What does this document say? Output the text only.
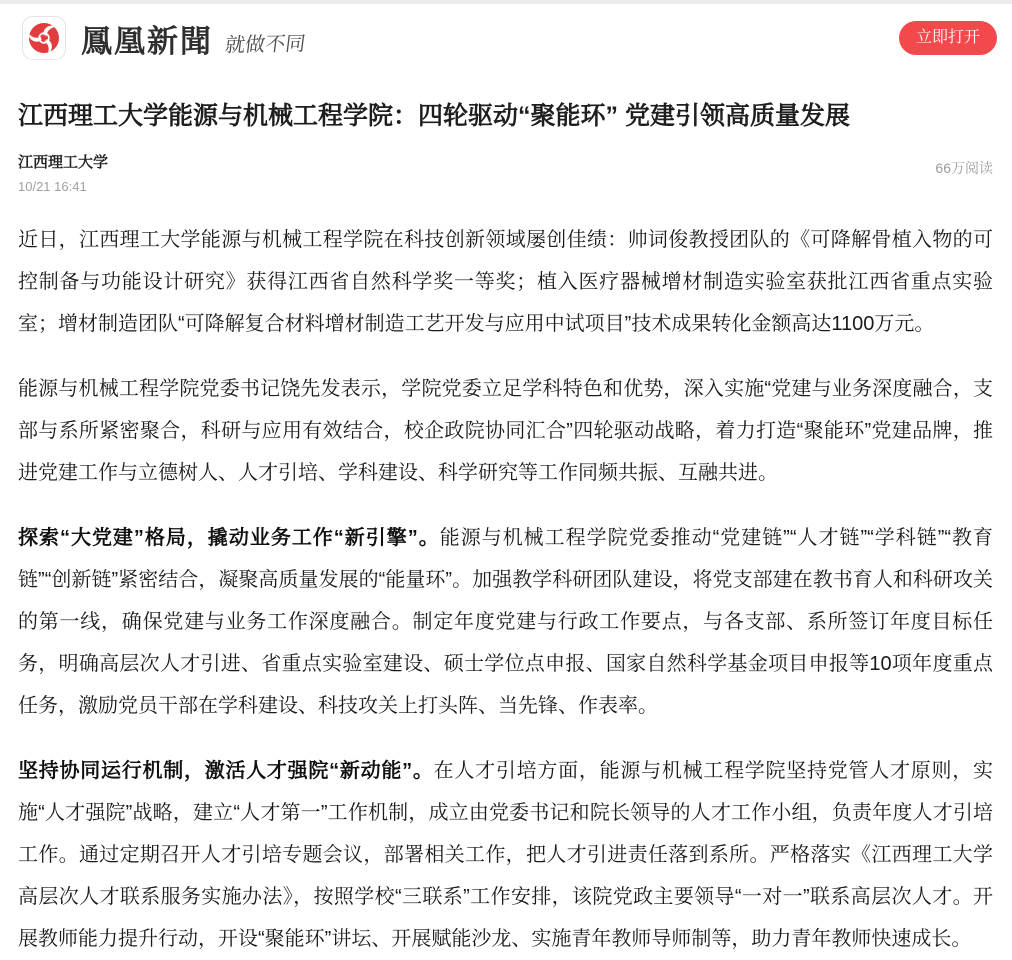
鳳凰新聞 就做不同	立即打开
江西理工大学能源与机械工程学院：四轮驱动“聚能环” 党建引领高质量发展
江西理工大学
10/21 16:41
66万阅读

近日，江西理工大学能源与机械工程学院在科技创新领域屡创佳绩：帅词俊教授团队的《可降解骨植入物的可控制备与功能设计研究》获得江西省自然科学奖一等奖；植入医疗器械增材制造实验室获批江西省重点实验室；增材制造团队“可降解复合材料增材制造工艺开发与应用中试项目”技术成果转化金额高达1100万元。

能源与机械工程学院党委书记饶先发表示，学院党委立足学科特色和优势，深入实施“党建与业务深度融合，支部与系所紧密聚合，科研与应用有效结合，校企政院协同汇合”四轮驱动战略，着力打造“聚能环”党建品牌，推进党建工作与立德树人、人才引培、学科建设、科学研究等工作同频共振、互融共进。

探索“大党建”格局，撬动业务工作“新引擎”。能源与机械工程学院党委推动“党建链”“人才链”“学科链”“教育链”“创新链”紧密结合，凝聚高质量发展的“能量环”。加强教学科研团队建设，将党支部建在教书育人和科研攻关的第一线，确保党建与业务工作深度融合。制定年度党建与行政工作要点，与各支部、系所签订年度目标任务，明确高层次人才引进、省重点实验室建设、硕士学位点申报、国家自然科学基金项目申报等10项年度重点任务，激励党员干部在学科建设、科技攻关上打头阵、当先锋、作表率。

坚持协同运行机制，激活人才强院“新动能”。在人才引培方面，能源与机械工程学院坚持党管人才原则，实施“人才强院”战略，建立“人才第一”工作机制，成立由党委书记和院长领导的人才工作小组，负责年度人才引培工作。通过定期召开人才引培专题会议，部署相关工作，把人才引进责任落到系所。严格落实《江西理工大学高层次人才联系服务实施办法》，按照学校“三联系”工作安排，该院党政主要领导“一对一”联系高层次人才。开展教师能力提升行动，开设“聚能环”讲坛、开展赋能沙龙、实施青年教师导师制等，助力青年教师快速成长。
